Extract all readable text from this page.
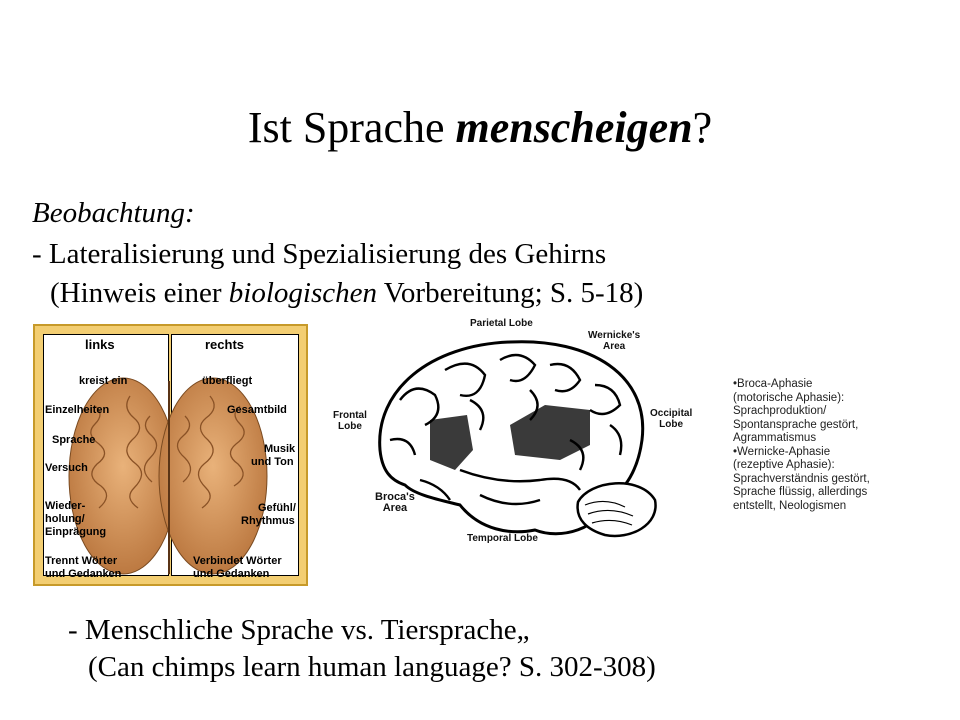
Ist Sprache menscheigen?
Beobachtung:
- Lateralisierung und Spezialisierung des Gehirns
(Hinweis einer biologischen Vorbereitung; S. 5-18)
- Menschliche Sprache vs. Tiersprache„
(Can chimps learn human language? S. 302-308)
links	rechts
kreist ein
Einzelheiten
Sprache
Versuch
Wieder-
holung/
Einprägung
Trennt Wörter
und Gedanken
überfliegt
Gesamtbild
Musik
und Ton
Gefühl/
Rhythmus
Verbindet Wörter
und Gedanken
Parietal Lobe
Wernicke's
Area
Frontal
Lobe
Occipital
Lobe
Broca's
Area
Temporal Lobe
•Broca-Aphasie
(motorische Aphasie):
Sprachproduktion/
Spontansprache gestört,
Agrammatismus
•Wernicke-Aphasie
(rezeptive Aphasie):
Sprachverständnis gestört,
Sprache flüssig, allerdings
entstellt, Neologismen
